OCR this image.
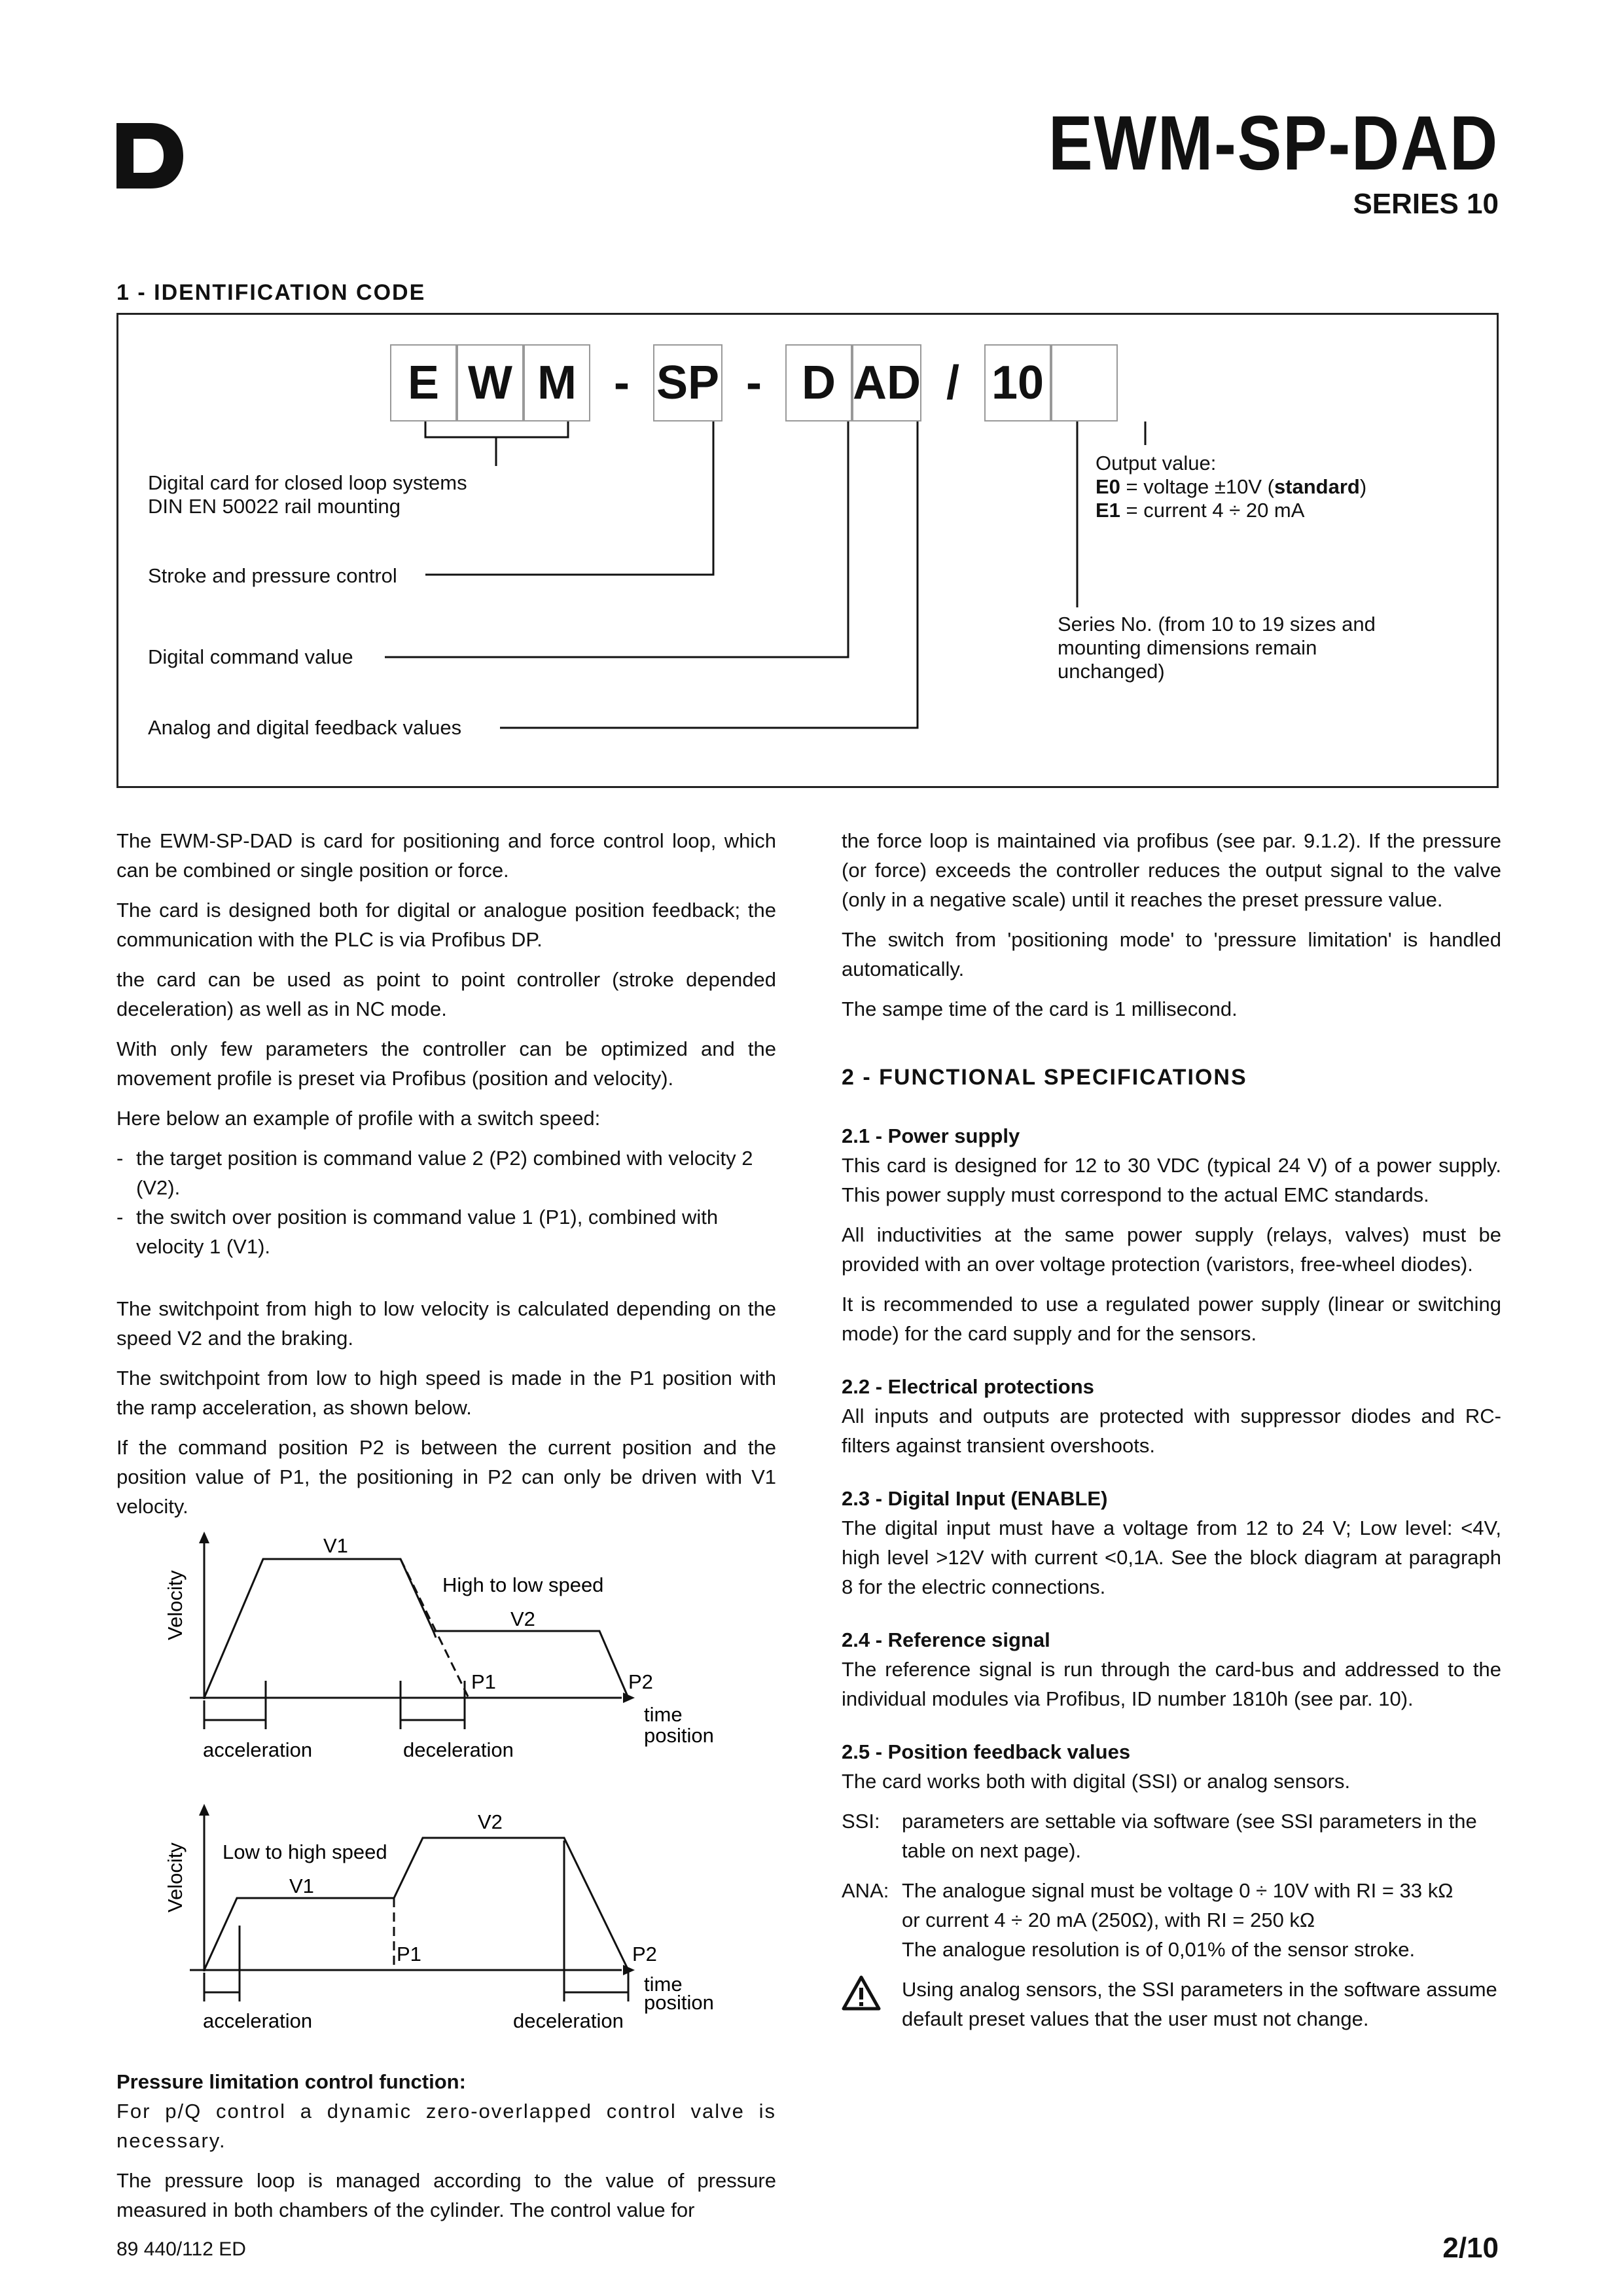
EWM-SP-DAD
SERIES 10
1 - IDENTIFICATION CODE
E W M - SP - D AD / 10
Digital card for closed loop systems
DIN EN 50022 rail mounting
Stroke and pressure control
Digital command value
Analog and digital feedback values
Output value:
E0 = voltage ±10V (standard)
E1 = current 4 ÷ 20 mA
Series No. (from 10 to 19 sizes and
mounting dimensions remain
unchanged)

The EWM-SP-DAD is card for positioning and force control loop, which can be combined or single position or force.

The card is designed both for digital or analogue position feedback; the communication with the PLC is via Profibus DP.

the card can be used as point to point controller (stroke depended deceleration) as well as in NC mode.

With only few parameters the controller can be optimized and the movement profile is preset via Profibus (position and velocity).

Here below an example of profile with a switch speed:

- the target position is command value 2 (P2) combined with velocity 2 (V2).
- the switch over position is command value 1 (P1), combined with velocity 1 (V1).

The switchpoint from high to low velocity is calculated depending on the speed V2 and the braking.

The switchpoint from low to high speed is made in the P1 position with the ramp acceleration, as shown below.

If the command position P2 is between the current position and the position value of P1, the positioning in P2 can only be driven with V1 velocity.

Velocity
V1
High to low speed
V2
P1	P2
time
position
acceleration	deceleration
Velocity Low to high speed
V1
V2
P1	P2
time
position
acceleration	deceleration
Pressure limitation control function:

For p/Q control a dynamic zero-overlapped control valve is necessary.

The pressure loop is managed according to the value of pressure measured in both chambers of the cylinder. The control value for

the force loop is maintained via profibus (see par. 9.1.2). If the pressure (or force) exceeds the controller reduces the output signal to the valve (only in a negative scale) until it reaches the preset pressure value.

The switch from 'positioning mode' to 'pressure limitation' is handled automatically.

The sampe time of the card is 1 millisecond.

2 - FUNCTIONAL SPECIFICATIONS
2.1 - Power supply

This card is designed for 12 to 30 VDC (typical 24 V) of a power supply. This power supply must correspond to the actual EMC standards.

All inductivities at the same power supply (relays, valves) must be provided with an over voltage protection (varistors, free-wheel diodes).

It is recommended to use a regulated power supply (linear or switching mode) for the card supply and for the sensors.

2.2 - Electrical protections

All inputs and outputs are protected with suppressor diodes and RC-filters against transient overshoots.

2.3 - Digital Input (ENABLE)

The digital input must have a voltage from 12 to 24 V; Low level: <4V, high level >12V with current <0,1A. See the block diagram at paragraph 8 for the electric connections.

2.4 - Reference signal

The reference signal is run through the card-bus and addressed to the individual modules via Profibus, ID number 1810h (see par. 10).

2.5 - Position feedback values

The card works both with digital (SSI) or analog sensors.

SSI:	parameters are settable via software (see SSI parameters in the table on next page).
ANA: The analogue signal must be voltage 0 ÷ 10V with RI = 33 kΩ
or current 4 ÷ 20 mA (250Ω), with RI = 250 kΩ
The analogue resolution is of 0,01% of the sensor stroke.
Using analog sensors, the SSI parameters in the software assume default preset values that the user must not change.
89 440/112 ED	2/10
